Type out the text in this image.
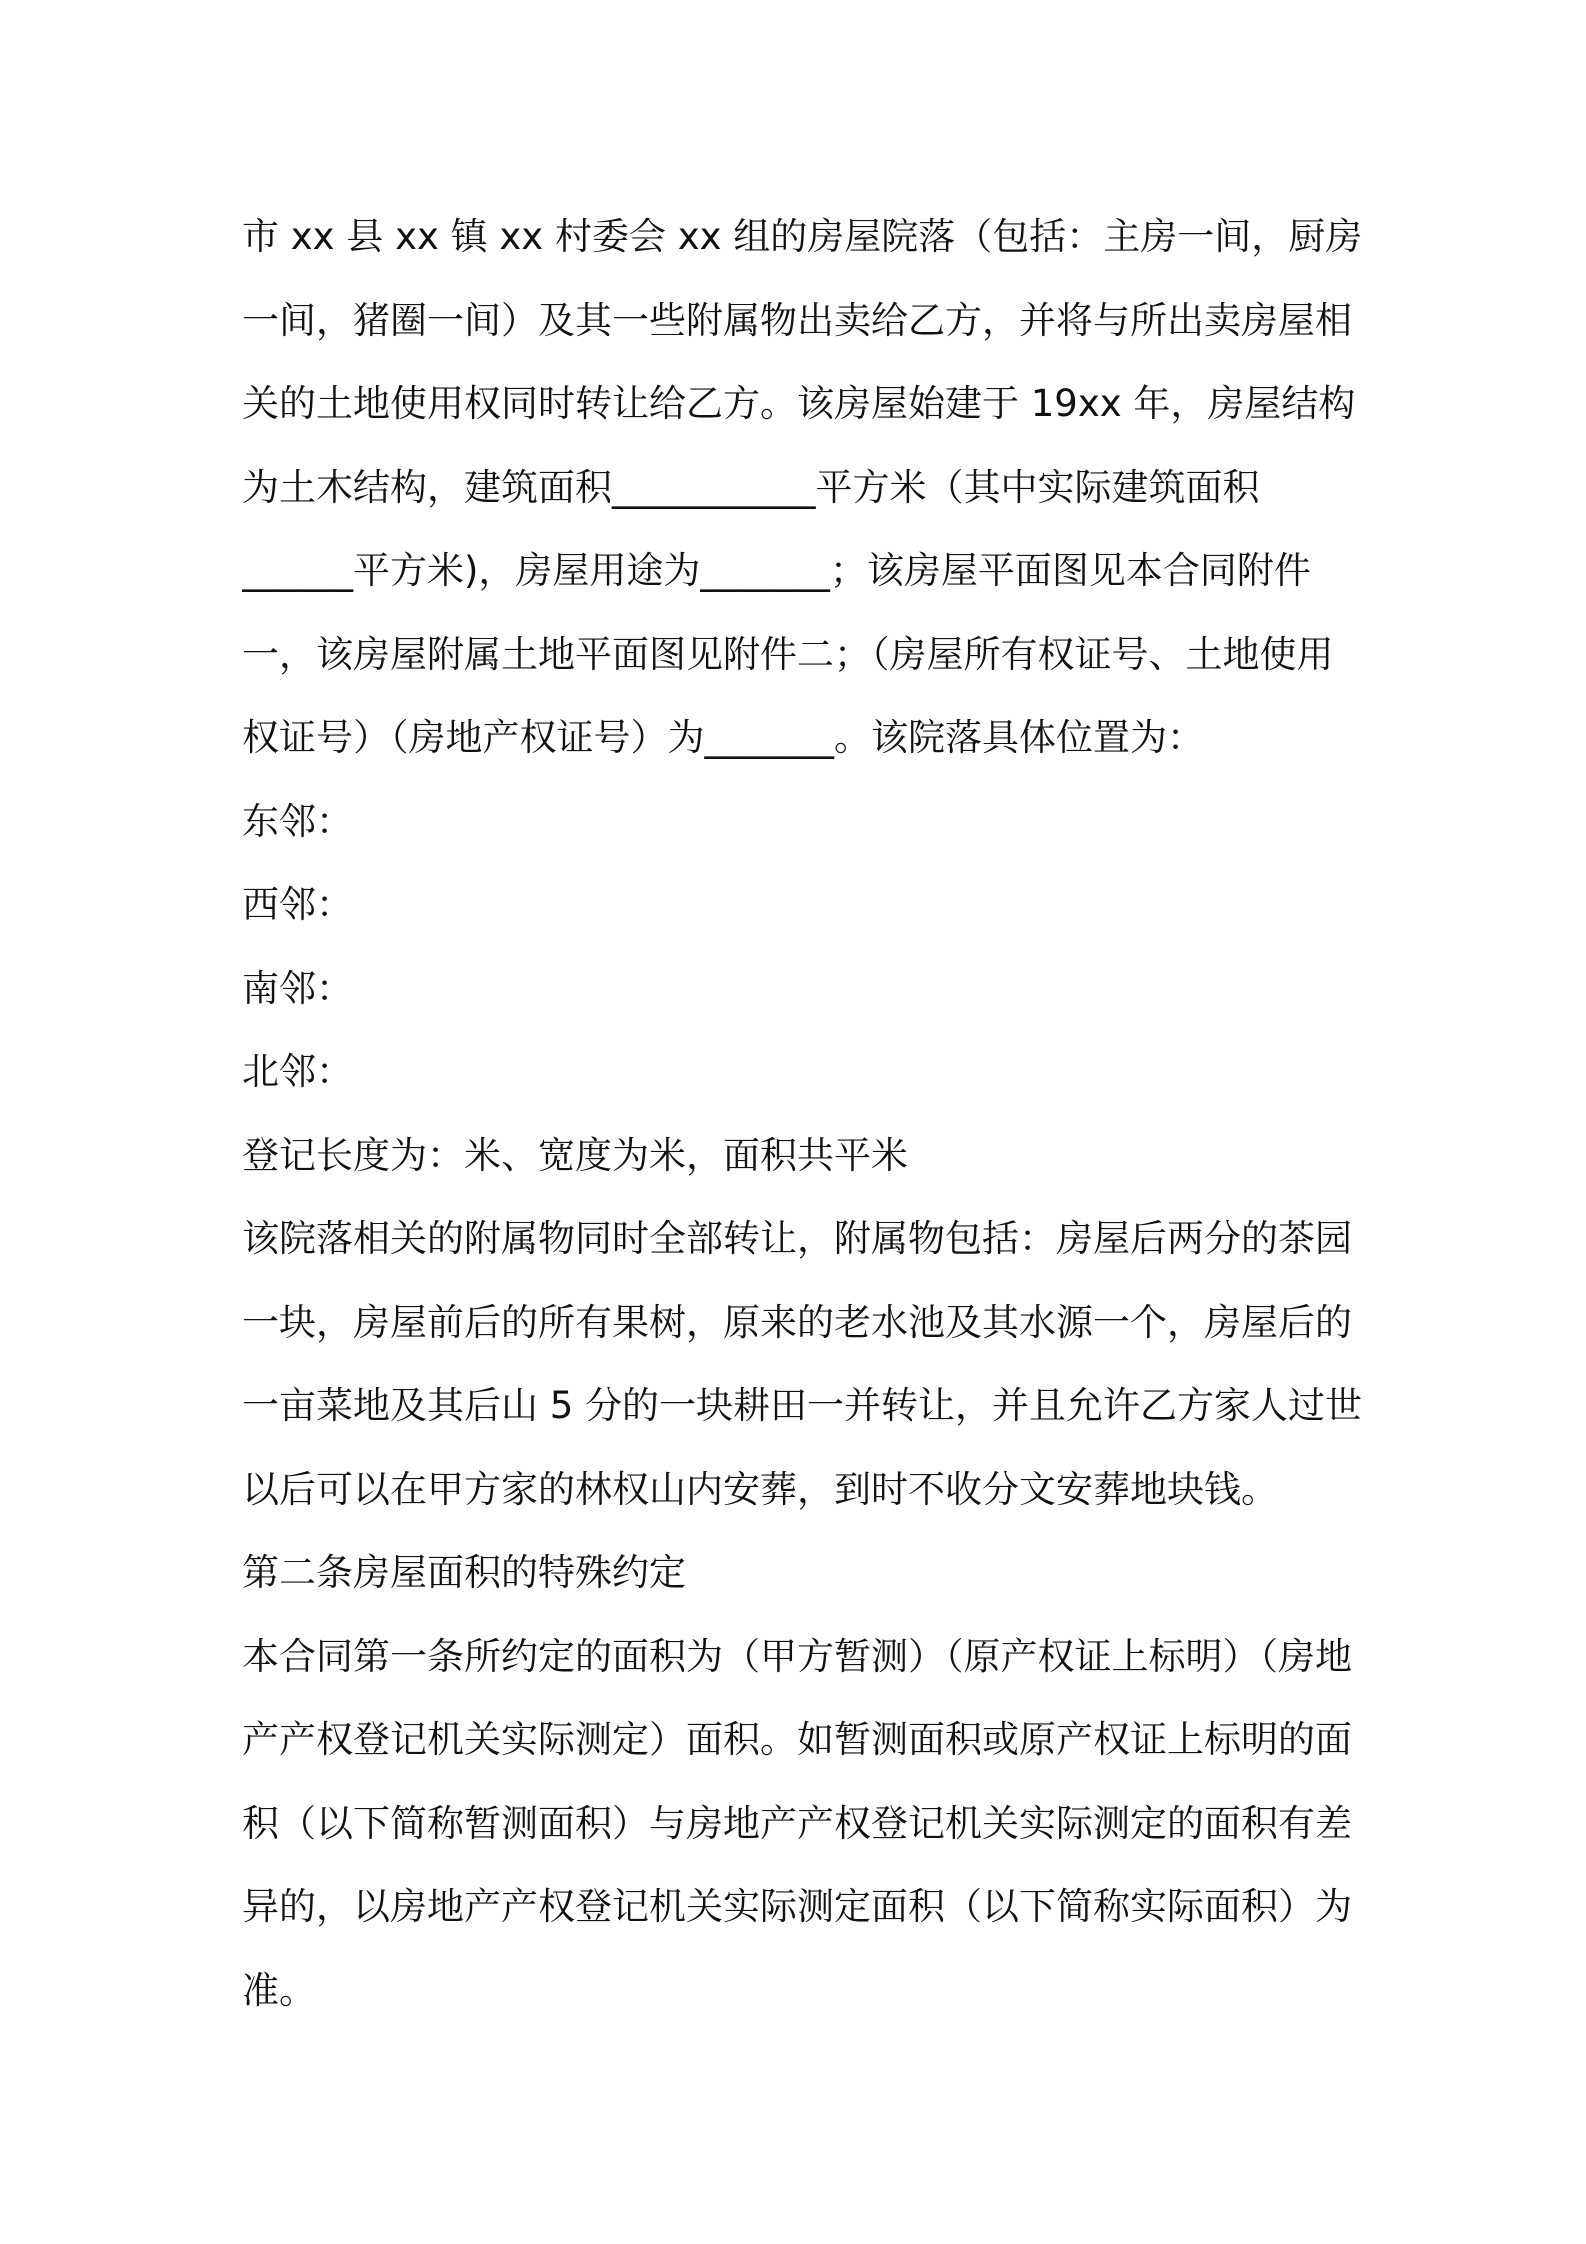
市 xx 县 xx 镇 xx 村委会 xx 组的房屋院落（包括：主房一间，厨房
一间，猪圈一间）及其一些附属物出卖给乙方，并将与所出卖房屋相
关的土地使用权同时转让给乙方。该房屋始建于 19xx 年，房屋结构
为土木结构，建筑面积___________平方米（其中实际建筑面积
______平方米)，房屋用途为_______；该房屋平面图见本合同附件
一，该房屋附属土地平面图见附件二；（房屋所有权证号、土地使用
权证号）（房地产权证号）为_______。该院落具体位置为：
东邻：
西邻：
南邻：
北邻：
登记长度为：米、宽度为米，面积共平米
该院落相关的附属物同时全部转让，附属物包括：房屋后两分的茶园
一块，房屋前后的所有果树，原来的老水池及其水源一个，房屋后的
一亩菜地及其后山 5 分的一块耕田一并转让，并且允许乙方家人过世
以后可以在甲方家的林权山内安葬，到时不收分文安葬地块钱。
第二条房屋面积的特殊约定
本合同第一条所约定的面积为（甲方暂测）（原产权证上标明）（房地
产产权登记机关实际测定）面积。如暂测面积或原产权证上标明的面
积（以下简称暂测面积）与房地产产权登记机关实际测定的面积有差
异的，以房地产产权登记机关实际测定面积（以下简称实际面积）为
准。
